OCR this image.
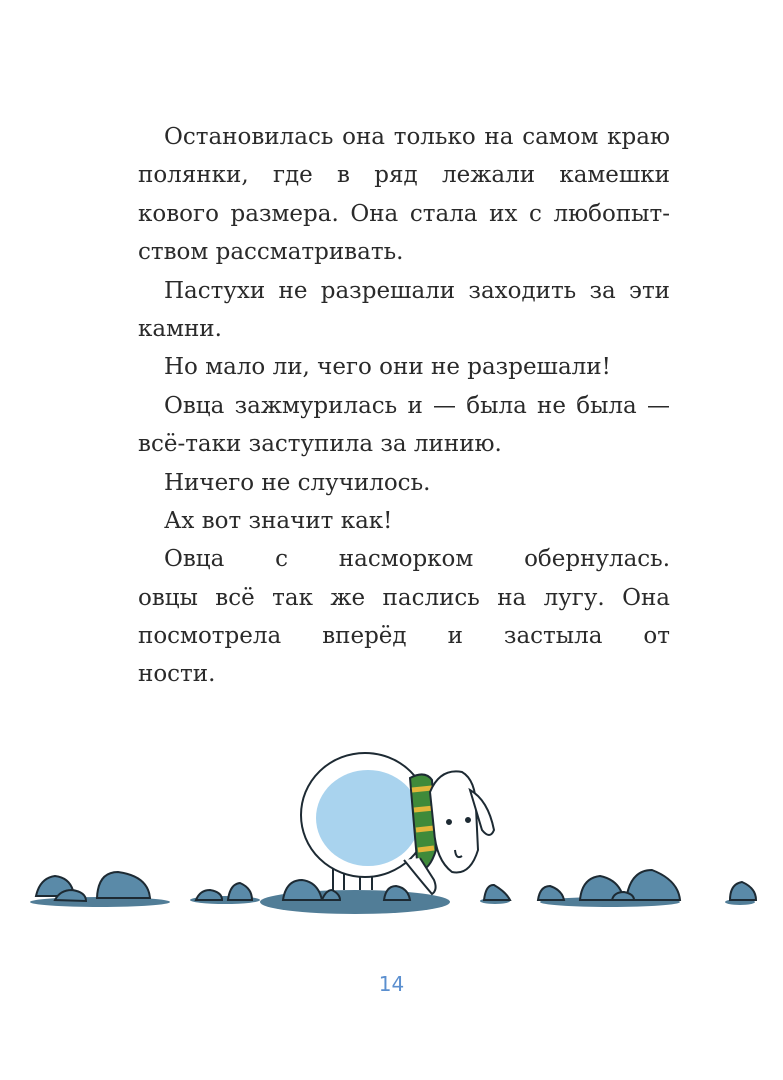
Остановилась она только на самом краю
полянки, где в ряд лежали камешки
кового размера. Она стала их с любопыт-
ством рассматривать.
Пастухи не разрешали заходить за эти
камни.
Но мало ли, чего они не разрешали!
Овца зажмурилась и — была не была —
всё-таки заступила за линию.
Ничего не случилось.
Ах вот значит как!
Овца с насморком обернулась.
овцы всё так же паслись на лугу. Она
посмотрела вперёд и застыла от
ности.
14
